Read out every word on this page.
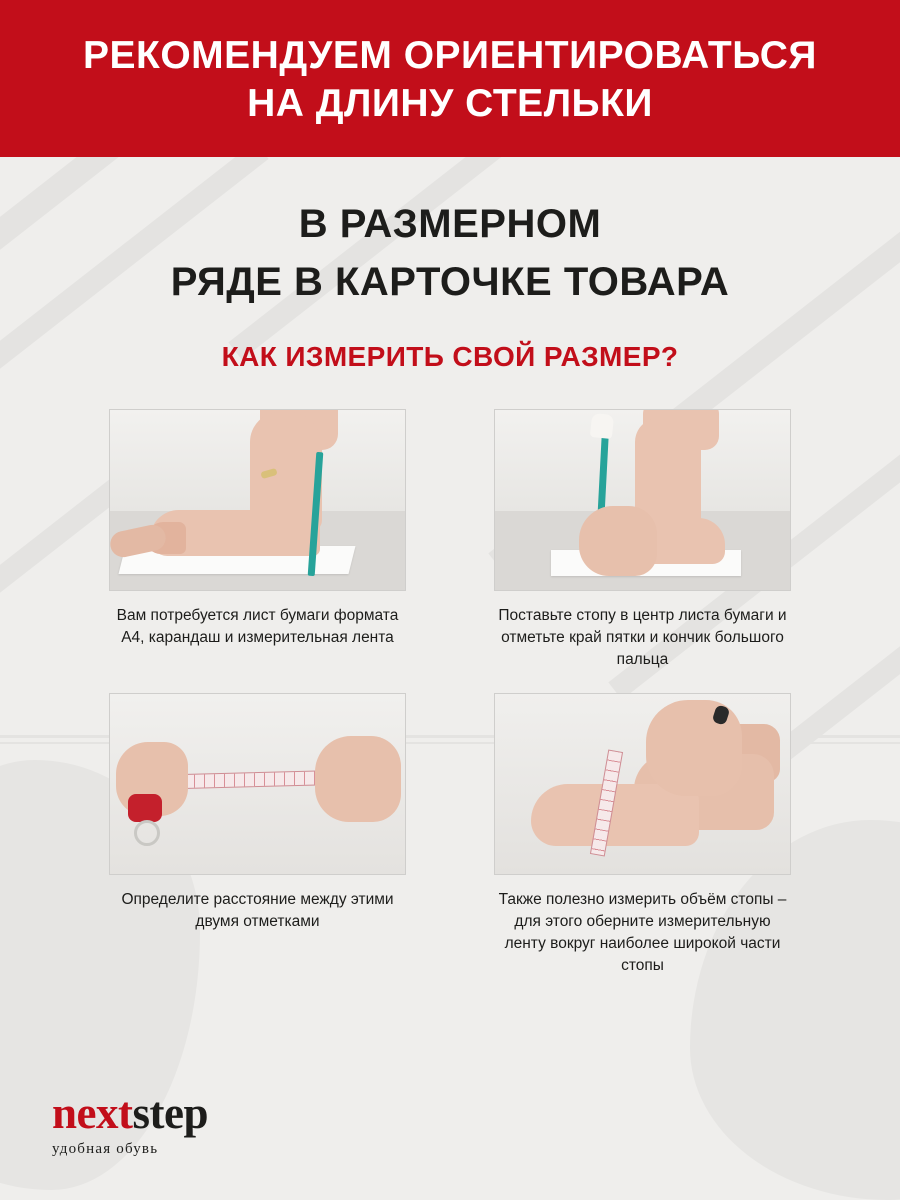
РЕКОМЕНДУЕМ ОРИЕНТИРОВАТЬСЯ
НА ДЛИНУ СТЕЛЬКИ
В РАЗМЕРНОМ
РЯДЕ В КАРТОЧКЕ ТОВАРА
КАК ИЗМЕРИТЬ СВОЙ РАЗМЕР?
Вам потребуется лист бумаги формата А4, карандаш и измерительная лента
Поставьте стопу в центр листа бумаги и отметьте край пятки и кончик большого пальца
Определите расстояние между этими двумя отметками
Также полезно измерить объём стопы – для этого оберните измерительную ленту вокруг наиболее широкой части стопы
next step
удобная обувь
